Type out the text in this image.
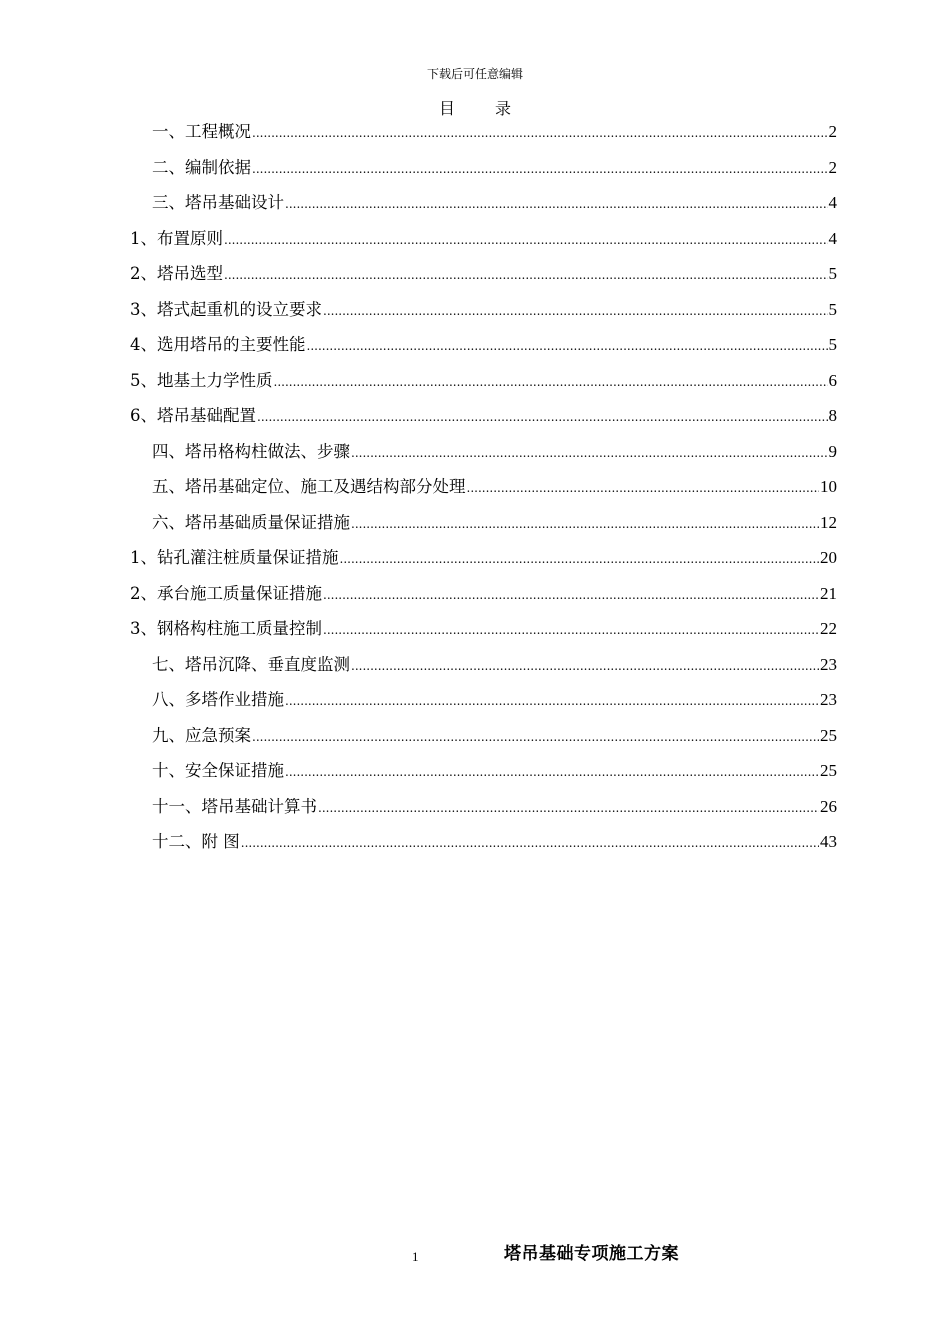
下载后可任意编辑
目	录
一、工程概况 .....	2
二、编制依据 .....	2
三、塔吊基础设计 .....	4
1、布置原则 .....	4
2、塔吊选型 .....	5
3、塔式起重机的设立要求 .....	5
4、选用塔吊的主要性能 .....	5
5、地基土力学性质 .....	6
6、塔吊基础配置 .....	8
四、塔吊格构柱做法、步骤 .....	9
五、塔吊基础定位、施工及遇结构部分处理 .....	10
六、塔吊基础质量保证措施 .....	12
1、钻孔灌注桩质量保证措施 .....	20
2、承台施工质量保证措施 .....	21
3、钢格构柱施工质量控制 .....	22
七、塔吊沉降、垂直度监测 .....	23
八、多塔作业措施 .....	23
九、应急预案 .....	25
十、安全保证措施 .....	25
十一、塔吊基础计算书 .....	26
十二、附 图 .....	43
1	塔吊基础专项施工方案
